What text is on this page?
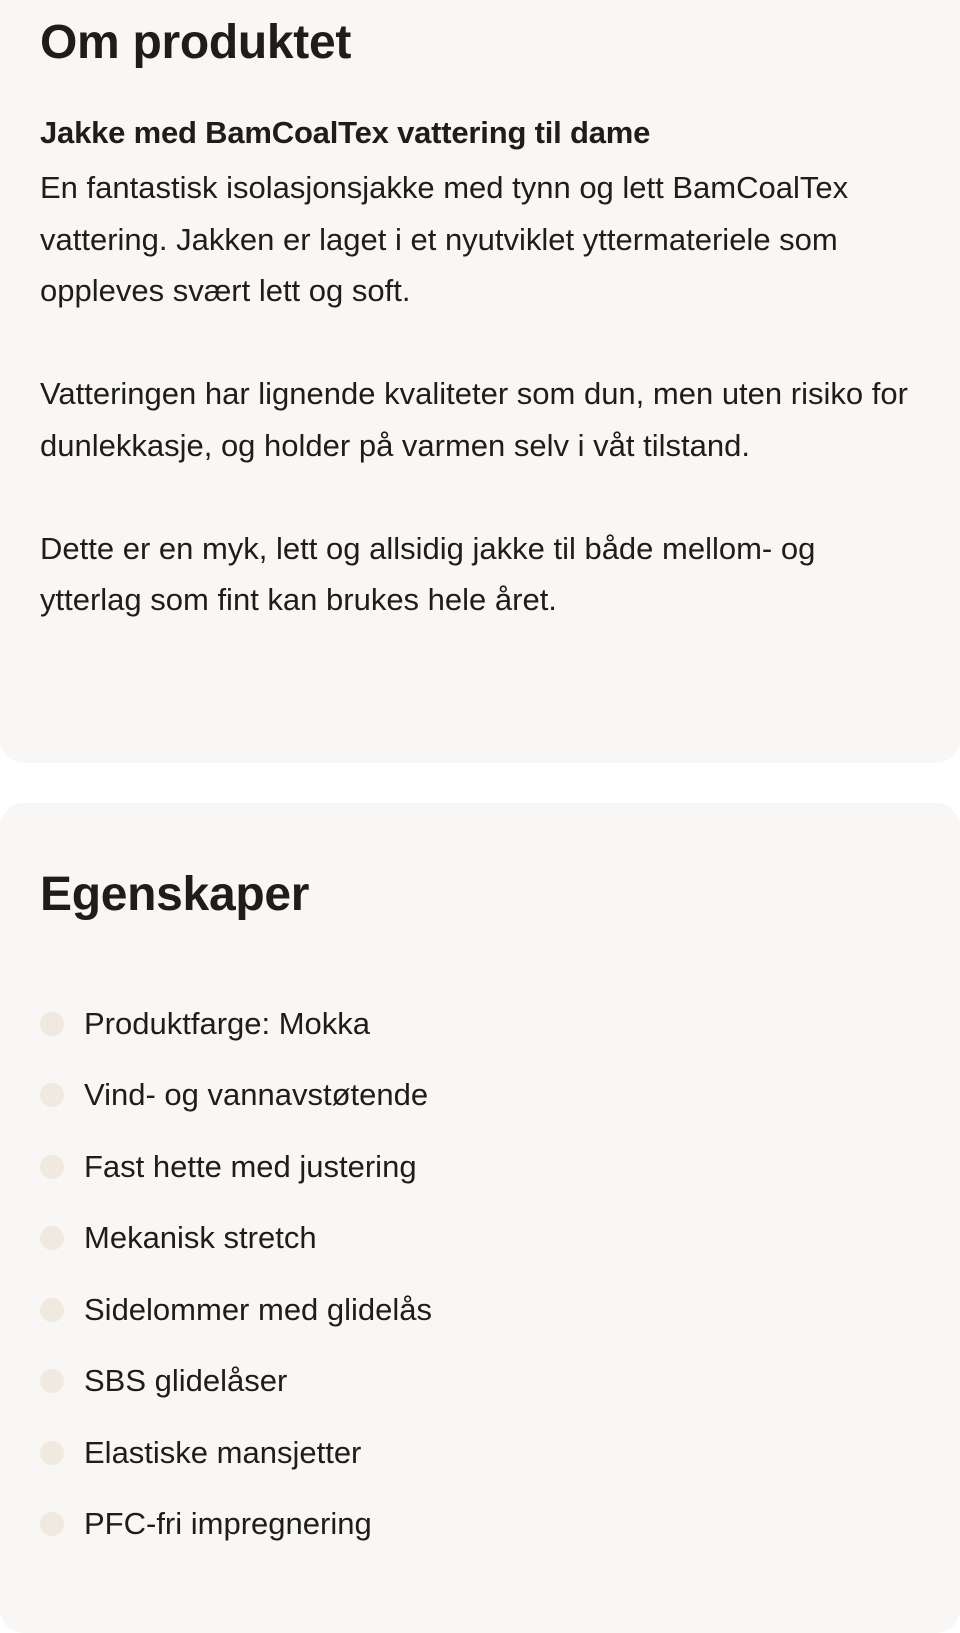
Om produktet
Jakke med BamCoalTex vattering til dame

En fantastisk isolasjonsjakke med tynn og lett BamCoalTex vattering. Jakken er laget i et nyutviklet yttermateriele som oppleves svært lett og soft.

Vatteringen har lignende kvaliteter som dun, men uten risiko for dunlekkasje, og holder på varmen selv i våt tilstand.

Dette er en myk, lett og allsidig jakke til både mellom- og ytterlag som fint kan brukes hele året.

Egenskaper
Produktfarge: Mokka
Vind- og vannavstøtende
Fast hette med justering
Mekanisk stretch
Sidelommer med glidelås
SBS glidelåser
Elastiske mansjetter
PFC-fri impregnering
